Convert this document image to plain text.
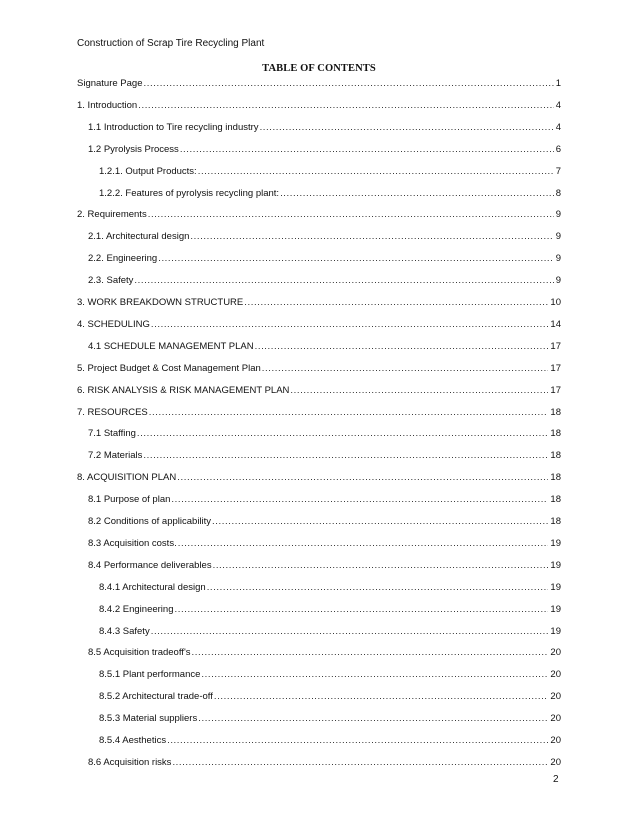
Construction of Scrap Tire Recycling Plant
TABLE OF CONTENTS
Signature Page .....	1
1. Introduction .....	4
1.1 Introduction to Tire recycling industry .....	4
1.2 Pyrolysis Process .....	6
1.2.1. Output Products: .....	7
1.2.2. Features of pyrolysis recycling plant: .....	8
2. Requirements .....	9
2.1. Architectural design .....	9
2.2. Engineering .....	9
2.3. Safety .....	9
3. WORK BREAKDOWN STRUCTURE .....	10
4. SCHEDULING .....	14
4.1 SCHEDULE MANAGEMENT PLAN .....	17
5. Project Budget & Cost Management Plan .....	17
6. RISK ANALYSIS & RISK MANAGEMENT PLAN .....	17
7. RESOURCES .....	18
7.1 Staffing .....	18
7.2 Materials .....	18
8. ACQUISITION PLAN .....	18
8.1 Purpose of plan .....	18
8.2 Conditions of applicability .....	18
8.3 Acquisition costs. .....	19
8.4 Performance deliverables .....	19
8.4.1 Architectural design .....	19
8.4.2 Engineering .....	19
8.4.3 Safety .....	19
8.5 Acquisition tradeoff's .....	20
8.5.1 Plant performance .....	20
8.5.2 Architectural trade-off .....	20
8.5.3 Material suppliers .....	20
8.5.4 Aesthetics .....	20
8.6 Acquisition risks .....	20
2
